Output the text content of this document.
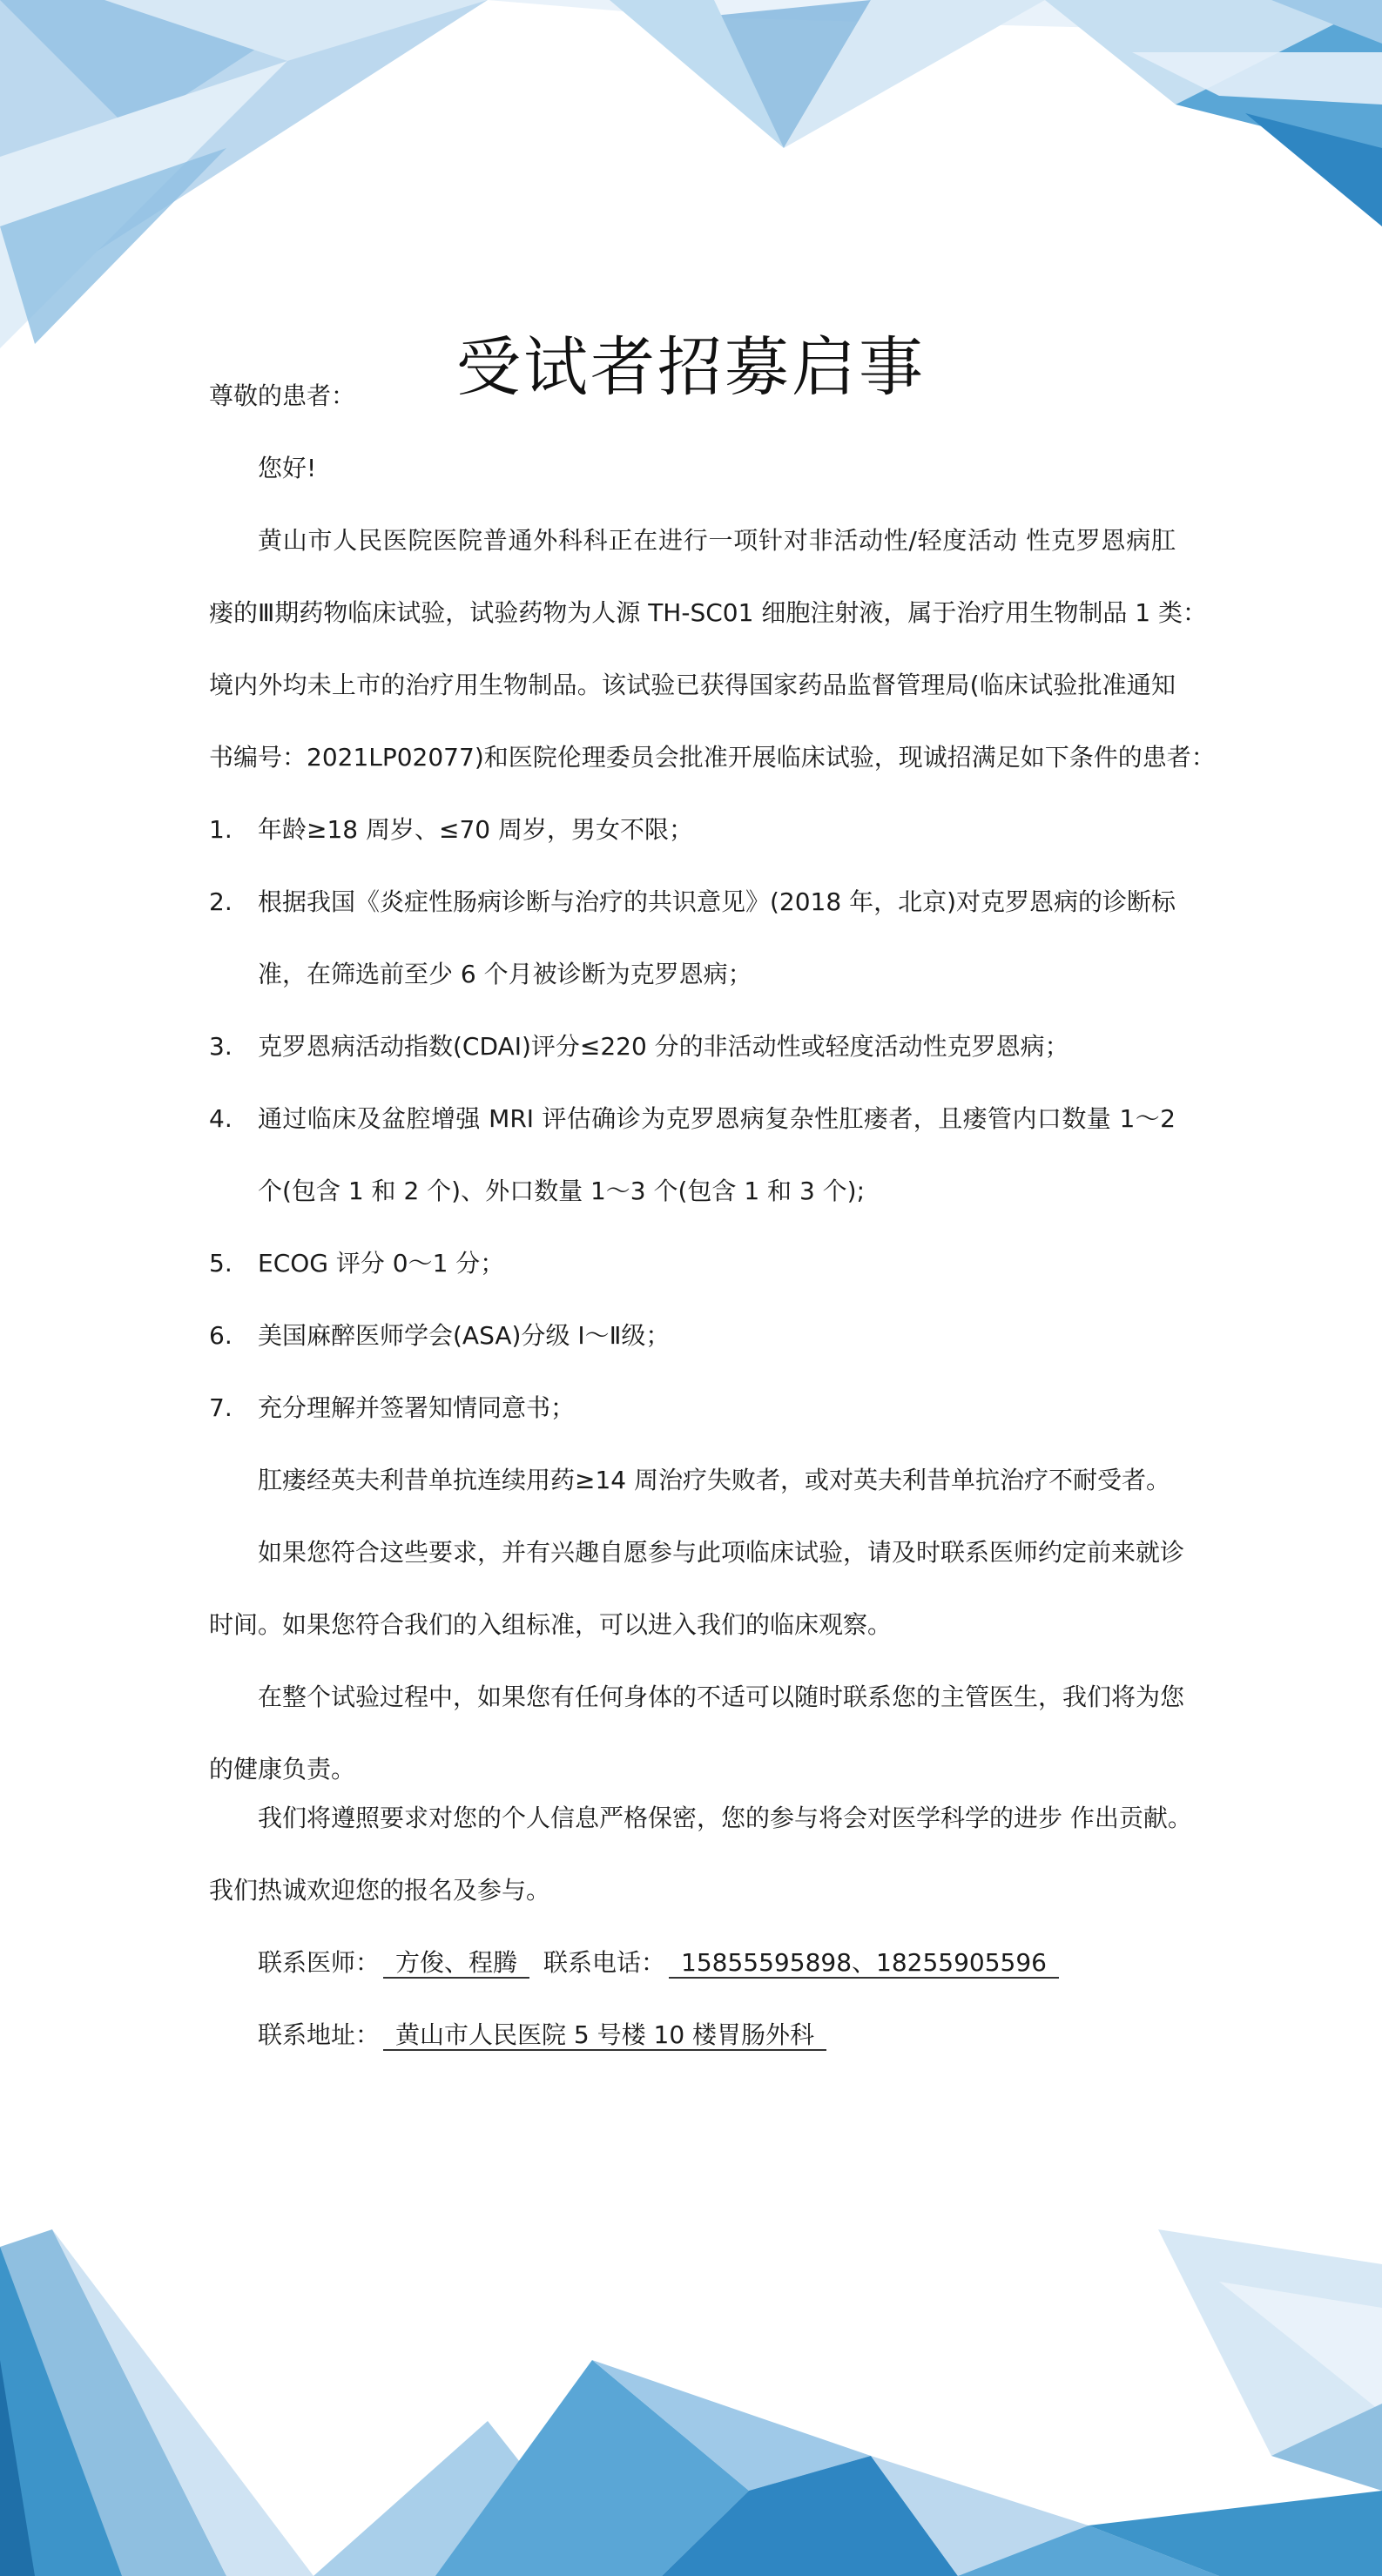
受试者招募启事
尊敬的患者：
您好!
黄山市人民医院医院普通外科科正在进行一项针对非活动性/轻度活动 性克罗恩病肛
瘘的Ⅲ期药物临床试验，试验药物为人源 TH-SC01 细胞注射液，属于治疗用生物制品 1 类：
境内外均未上市的治疗用生物制品。该试验已获得国家药品监督管理局(临床试验批准通知
书编号：2021LP02077)和医院伦理委员会批准开展临床试验，现诚招满足如下条件的患者：
1.	年龄≥18 周岁、≤70 周岁，男女不限；
2.	根据我国《炎症性肠病诊断与治疗的共识意见》(2018 年，北京)对克罗恩病的诊断标
准，在筛选前至少 6 个月被诊断为克罗恩病；
3.	克罗恩病活动指数(CDAI)评分≤220 分的非活动性或轻度活动性克罗恩病；
4.	通过临床及盆腔增强 MRI 评估确诊为克罗恩病复杂性肛瘘者，且瘘管内口数量 1～2
个(包含 1 和 2 个)、外口数量 1～3 个(包含 1 和 3 个);
5.	ECOG 评分 0～1 分；
6.	美国麻醉医师学会(ASA)分级 I～Ⅱ级；
7.	充分理解并签署知情同意书；
肛瘘经英夫利昔单抗连续用药≥14 周治疗失败者，或对英夫利昔单抗治疗不耐受者。
如果您符合这些要求，并有兴趣自愿参与此项临床试验，请及时联系医师约定前来就诊
时间。如果您符合我们的入组标准，可以进入我们的临床观察。
在整个试验过程中，如果您有任何身体的不适可以随时联系您的主管医生，我们将为您
的健康负责。
我们将遵照要求对您的个人信息严格保密，您的参与将会对医学科学的进步 作出贡献。
我们热诚欢迎您的报名及参与。
联系医师： 方俊、程腾 联系电话： 15855595898、18255905596
联系地址： 黄山市人民医院 5 号楼 10 楼胃肠外科
